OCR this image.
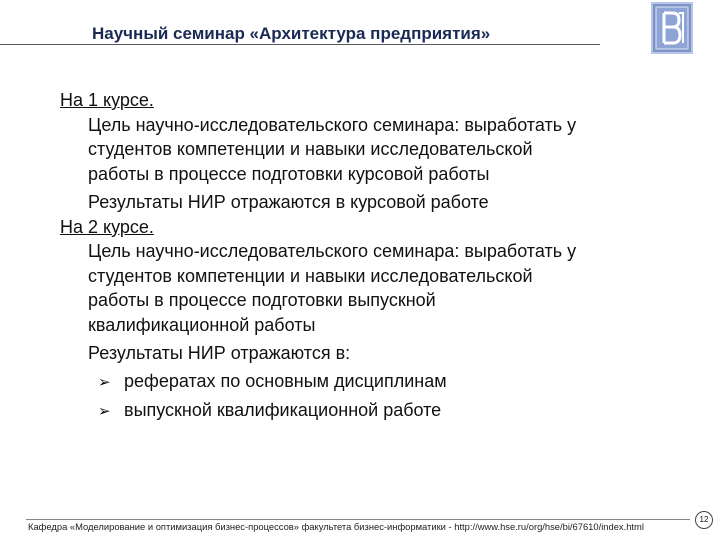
Научный семинар «Архитектура предприятия»
На 1 курсе.
Цель научно-исследовательского семинара: выработать у
студентов компетенции и навыки исследовательской
работы в процессе подготовки курсовой работы
Результаты НИР отражаются в курсовой работе
На 2 курсе.
Цель научно-исследовательского семинара: выработать у
студентов компетенции и навыки исследовательской
работы в процессе подготовки выпускной
квалификационной работы
Результаты НИР отражаются в:
➢ рефератах по основным дисциплинам
➢ выпускной квалификационной работе
Кафедра «Моделирование и оптимизация бизнес-процессов» факультета бизнес-информатики - http://www.hse.ru/org/hse/bi/67610/index.html
12
